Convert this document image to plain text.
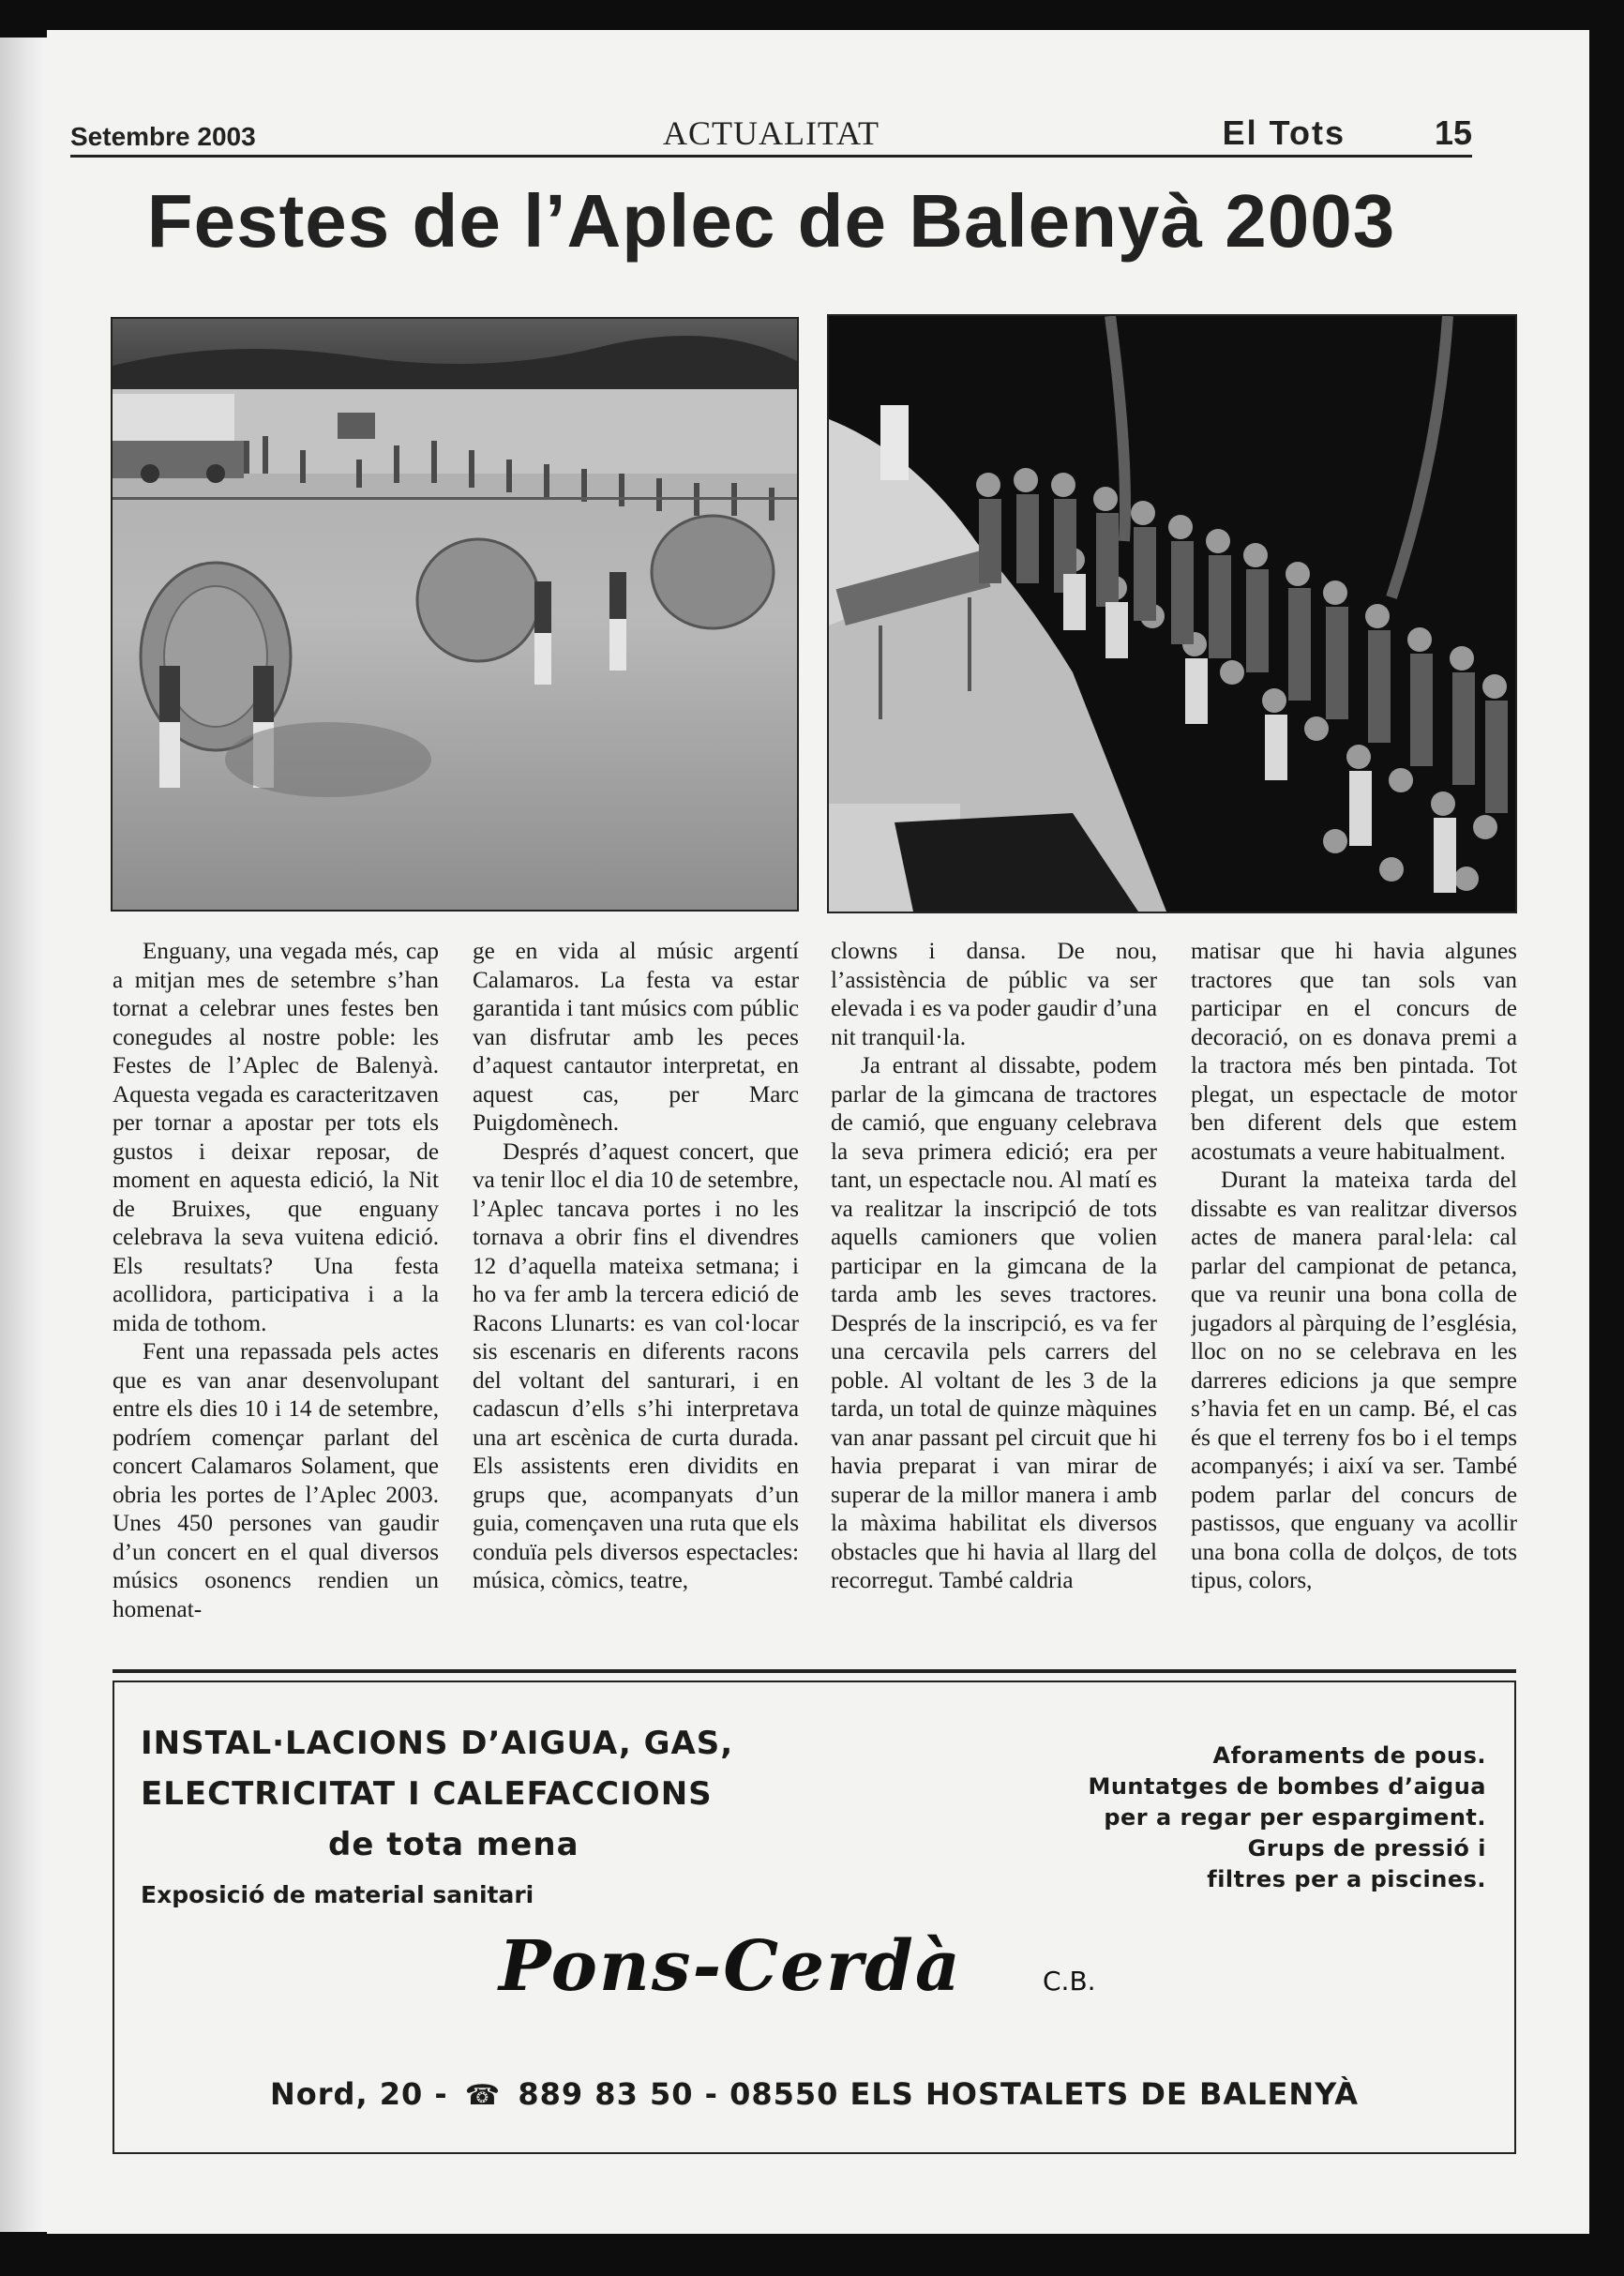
Setembre 2003	ACTUALITAT	El Tots	15
Festes de l’Aplec de Balenyà 2003

Enguany, una vegada més, cap a mitjan mes de setembre s’han tornat a celebrar unes festes ben conegudes al nostre poble: les Festes de l’Aplec de Balenyà. Aquesta vegada es caracteritzaven per tornar a apostar per tots els gustos i deixar reposar, de moment en aquesta edició, la Nit de Bruixes, que enguany celebrava la seva vuitena edició. Els resultats? Una festa acollidora, participativa i a la mida de tothom.

Fent una repassada pels actes que es van anar desenvolupant entre els dies 10 i 14 de setembre, podríem començar parlant del concert Calamaros Solament, que obria les portes de l’Aplec 2003. Unes 450 persones van gaudir d’un concert en el qual diversos músics osonencs rendien un homenat-

ge en vida al músic argentí Calamaros. La festa va estar garantida i tant músics com públic van disfrutar amb les peces d’aquest cantautor interpretat, en aquest cas, per Marc Puigdomènech.

Després d’aquest concert, que va tenir lloc el dia 10 de setembre, l’Aplec tancava portes i no les tornava a obrir fins el divendres 12 d’aquella mateixa setmana; i ho va fer amb la tercera edició de Racons Llunarts: es van col·locar sis escenaris en diferents racons del voltant del santurari, i en cadascun d’ells s’hi interpretava una art escènica de curta durada. Els assistents eren dividits en grups que, acompanyats d’un guia, començaven una ruta que els conduïa pels diversos espectacles: música, còmics, teatre,

clowns i dansa. De nou, l’assistència de públic va ser elevada i es va poder gaudir d’una nit tranquil·la.

Ja entrant al dissabte, podem parlar de la gimcana de tractores de camió, que enguany celebrava la seva primera edició; era per tant, un espectacle nou. Al matí es va realitzar la inscripció de tots aquells camioners que volien participar en la gimcana de la tarda amb les seves tractores. Després de la inscripció, es va fer una cercavila pels carrers del poble. Al voltant de les 3 de la tarda, un total de quinze màquines van anar passant pel circuit que hi havia preparat i van mirar de superar de la millor manera i amb la màxima habilitat els diversos obstacles que hi havia al llarg del recorregut. També caldria

matisar que hi havia algunes tractores que tan sols van participar en el concurs de decoració, on es donava premi a la tractora més ben pintada. Tot plegat, un espectacle de motor ben diferent dels que estem acostumats a veure habitualment.

Durant la mateixa tarda del dissabte es van realitzar diversos actes de manera paral·lela: cal parlar del campionat de petanca, que va reunir una bona colla de jugadors al pàrquing de l’església, lloc on no se celebrava en les darreres edicions ja que sempre s’havia fet en un camp. Bé, el cas és que el terreny fos bo i el temps acompanyés; i així va ser. També podem parlar del concurs de pastissos, que enguany va acollir una bona colla de dolços, de tots tipus, colors,

INSTAL·LACIONS D’AIGUA, GAS,
ELECTRICITAT I CALEFACCIONS
de tota mena
Exposició de material sanitari
Aforaments de pous.
Muntatges de bombes d’aigua
per a regar per espargiment.
Grups de pressió i
filtres per a piscines.
Pons-Cerdà	C.B.
Nord, 20 - ☎ 889 83 50 - 08550 ELS HOSTALETS DE BALENYÀ
